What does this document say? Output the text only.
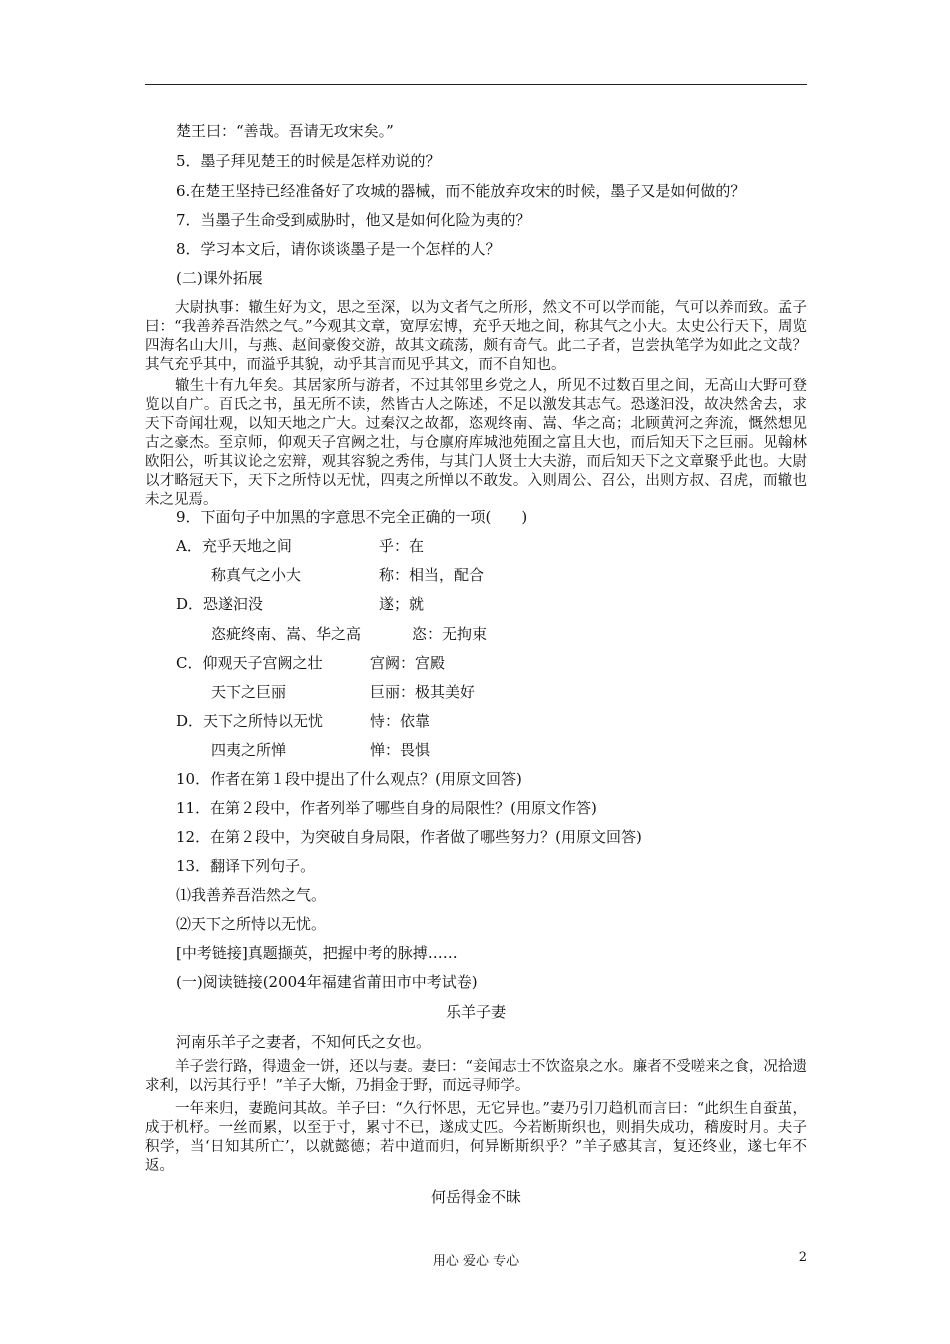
楚王曰：“善哉。吾请无攻宋矣。”
5．墨子拜见楚王的时候是怎样劝说的？
6.在楚王坚持已经准备好了攻城的器械，而不能放弃攻宋的时候，墨子又是如何做的？
7．当墨子生命受到威胁时，他又是如何化险为夷的？
8．学习本文后，请你谈谈墨子是一个怎样的人？
(二)课外拓展
大尉执事：辙生好为文，思之至深，以为文者气之所形，然文不可以学而能，气可以养而致。孟子曰：“我善养吾浩然之气。”今观其文章，宽厚宏博，充乎天地之间，称其气之小大。太史公行天下，周览四海名山大川，与燕、赵间豪俊交游，故其文疏荡，颇有奇气。此二子者，岂尝执笔学为如此之文哉？其气充乎其中，而溢乎其貌，动乎其言而见乎其文，而不自知也。
辙生十有九年矣。其居家所与游者，不过其邻里乡党之人，所见不过数百里之间，无高山大野可登览以自广。百氏之书，虽无所不读，然皆古人之陈述，不足以激发其志气。恐遂汩没，故决然舍去，求天下奇闻壮观，以知天地之广大。过秦汉之故都，恣观终南、嵩、华之高；北顾黄河之奔流，慨然想见古之豪杰。至京师，仰观天子宫阙之壮，与仓廪府库城池苑囿之富且大也，而后知天下之巨丽。见翰林欧阳公，听其议论之宏辩，观其容貌之秀伟，与其门人贤士大夫游，而后知天下之文章聚乎此也。大尉以才略冠天下，天下之所恃以无忧，四夷之所惮以不敢发。入则周公、召公，出则方叔、召虎，而辙也未之见焉。
9．下面句子中加黑的字意思不完全正确的一项(　　)
A．充乎天地之间	乎：在
称真气之小大	称：相当，配合
D．恐遂汩没	遂；就
恣疵终南、嵩、华之高	恣：无拘束
C．仰观天子宫阙之壮	宫阙：宫殿
天下之巨丽	巨丽：极其美好
D．天下之所恃以无忧	恃：依靠
四夷之所惮	惮：畏惧
10．作者在第１段中提出了什么观点？(用原文回答)
11．在第２段中，作者列举了哪些自身的局限性？(用原文作答)
12．在第２段中，为突破自身局限，作者做了哪些努力？(用原文回答)
13．翻译下列句子。
⑴我善养吾浩然之气。
⑵天下之所恃以无忧。
[中考链接]真题撷英，把握中考的脉搏……
(一)阅读链接(2004年福建省莆田市中考试卷)
乐羊子妻
河南乐羊子之妻者，不知何氏之女也。
羊子尝行路，得遗金一饼，还以与妻。妻曰：“妾闻志士不饮盗泉之水。廉者不受嗟来之食，况拾遗求利，以污其行乎！”羊子大惭，乃捐金于野，而远寻师学。
一年来归，妻跪问其故。羊子曰：“久行怀思，无它异也。”妻乃引刀趋机而言曰：“此织生自蚕茧，成于机杼。一丝而累，以至于寸，累寸不已，遂成丈匹。今若断斯织也，则捐失成功，稽废时月。夫子积学，当‘日知其所亡’，以就懿德；若中道而归，何异断斯织乎？”羊子感其言，复还终业，遂七年不返。
何岳得金不昧
用心 爱心 专心	2
